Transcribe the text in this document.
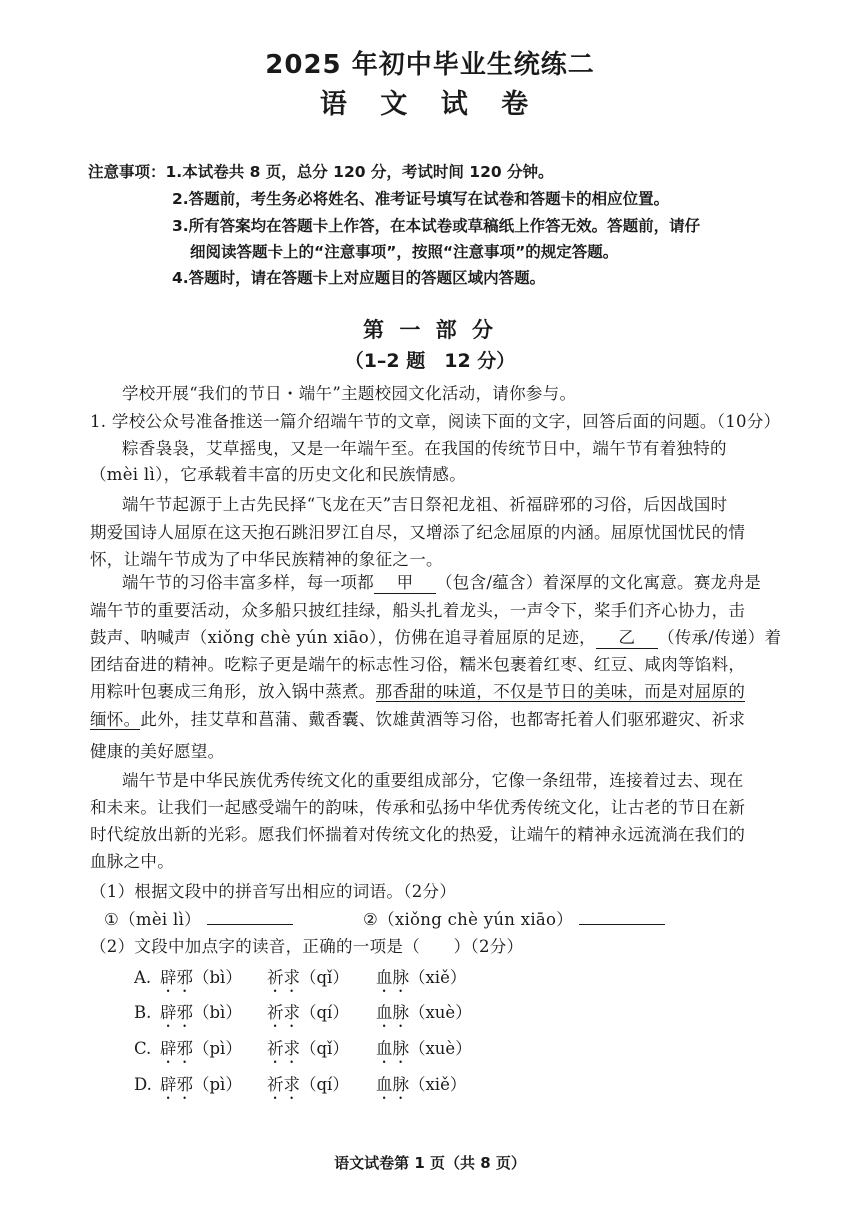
2025 年初中毕业生统练二
语 文 试 卷
注意事项：1.本试卷共 8 页，总分 120 分，考试时间 120 分钟。
2.答题前，考生务必将姓名、准考证号填写在试卷和答题卡的相应位置。
3.所有答案均在答题卡上作答，在本试卷或草稿纸上作答无效。答题前，请仔
细阅读答题卡上的“注意事项”，按照“注意事项”的规定答题。
4.答题时，请在答题卡上对应题目的答题区域内答题。
第 一 部 分
（1–2 题　12 分）
学校开展“我们的节日・端午”主题校园文化活动，请你参与。
1. 学校公众号准备推送一篇介绍端午节的文章，阅读下面的文字，回答后面的问题。（10分）
粽香袅袅，艾草摇曳，又是一年端午至。在我国的传统节日中，端午节有着独特的
（mèi lì），它承载着丰富的历史文化和民族情感。
端午节起源于上古先民择“飞龙在天”吉日祭祀龙祖、祈福辟邪的习俗，后因战国时
期爱国诗人屈原在这天抱石跳汨罗江自尽，又增添了纪念屈原的内涵。屈原忧国忧民的情
怀，让端午节成为了中华民族精神的象征之一。
端午节的习俗丰富多样，每一项都 甲 （包含/蕴含）着深厚的文化寓意。赛龙舟是
端午节的重要活动，众多船只披红挂绿，船头扎着龙头，一声令下，桨手们齐心协力，击
鼓声、呐喊声（xiǒng chè yún xiāo），仿佛在追寻着屈原的足迹， 乙 （传承/传递）着
团结奋进的精神。吃粽子更是端午的标志性习俗，糯米包裹着红枣、红豆、咸肉等馅料，
用粽叶包裹成三角形，放入锅中蒸煮。那香甜的味道，不仅是节日的美味，而是对屈原的
缅怀。此外，挂艾草和菖蒲、戴香囊、饮雄黄酒等习俗，也都寄托着人们驱邪避灾、祈求
健康的美好愿望。
端午节是中华民族优秀传统文化的重要组成部分，它像一条纽带，连接着过去、现在
和未来。让我们一起感受端午的韵味，传承和弘扬中华优秀传统文化，让古老的节日在新
时代绽放出新的光彩。愿我们怀揣着对传统文化的热爱，让端午的精神永远流淌在我们的
血脉之中。
（1）根据文段中的拼音写出相应的词语。（2分）
①（mèi lì）	②（xiǒng chè yún xiāo）
（2）文段中加点字的读音，正确的一项是（　　）（2分）
A. 辟邪（bì） 祈求（qǐ） 血脉（xiě）
B. 辟邪（bì） 祈求（qí） 血脉（xuè）
C. 辟邪（pì） 祈求（qǐ） 血脉（xuè）
D. 辟邪（pì） 祈求（qí） 血脉（xiě）
语文试卷第 1 页（共 8 页）
